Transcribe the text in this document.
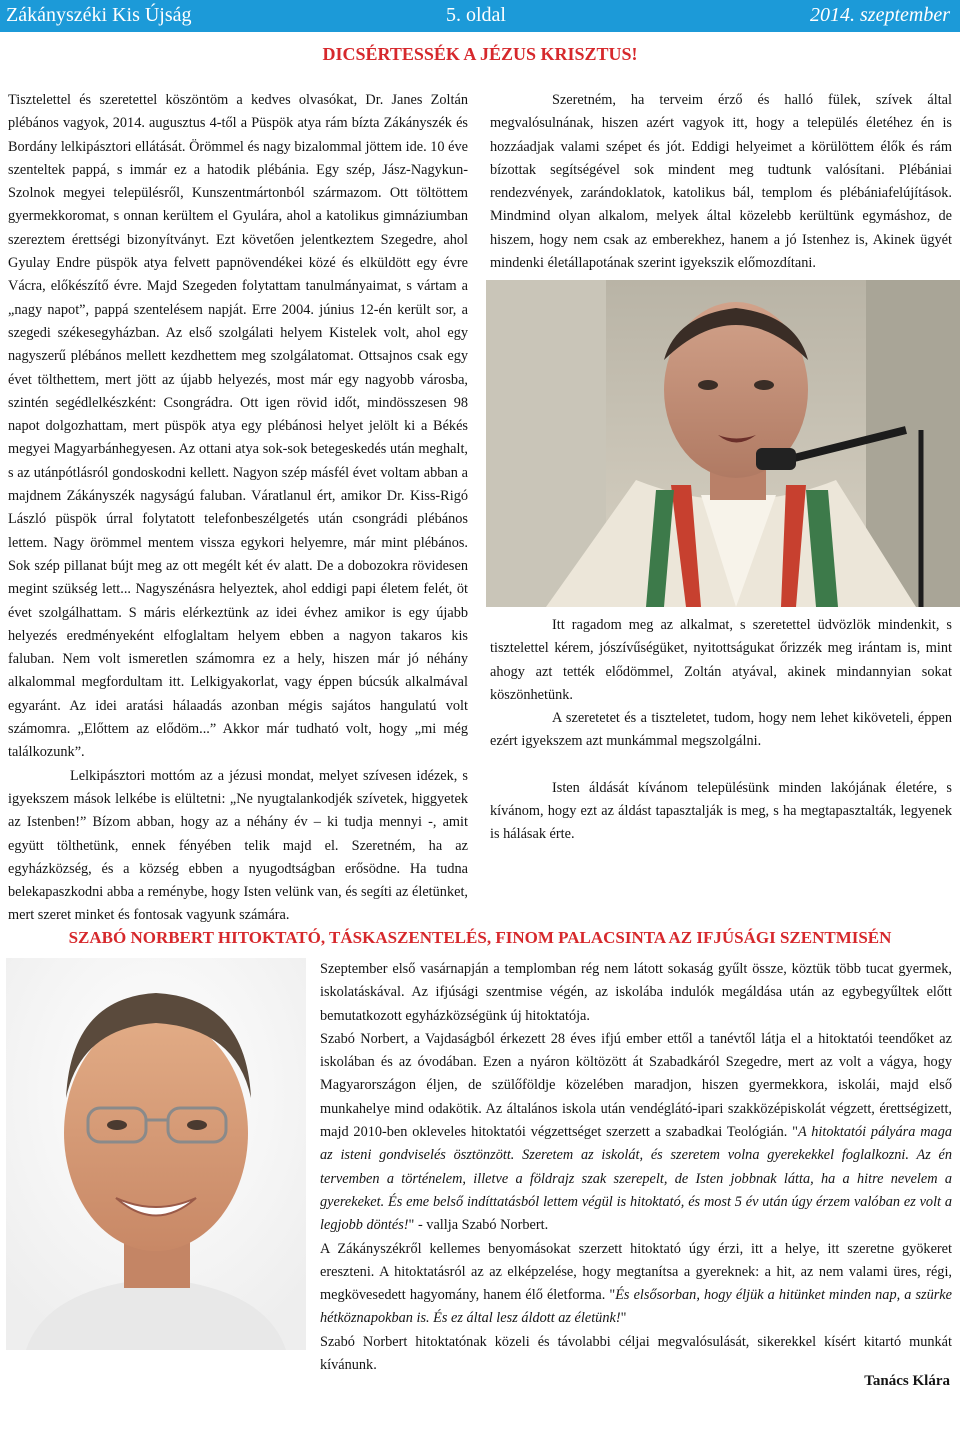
Zákányszéki Kis Újság	5. oldal	2014. szeptember
DICSÉRTESSÉK A JÉZUS KRISZTUS!

Tisztelettel és szeretettel köszöntöm a kedves olvasókat, Dr. Janes Zoltán plébános vagyok, 2014. augusztus 4-től a Püspök atya rám bízta Zákányszék és Bordány lelkipásztori ellátását. Örömmel és nagy bizalommal jöttem ide. 10 éve szenteltek pappá, s immár ez a hatodik plébánia. Egy szép, Jász-Nagykun-Szolnok megyei településről, Kunszentmártonból származom. Ott töltöttem gyermekkoromat, s onnan kerültem el Gyulára, ahol a katolikus gimnáziumban szereztem érettségi bizonyítványt. Ezt követően jelentkeztem Szegedre, ahol Gyulay Endre püspök atya felvett papnövendékei közé és elküldött egy évre Vácra, előkészítő évre. Majd Szegeden folytattam tanulmányaimat, s vártam a „nagy napot”, pappá szentelésem napját. Erre 2004. június 12-én került sor, a szegedi székesegyházban. Az első szolgálati helyem Kistelek volt, ahol egy nagyszerű plébános mellett kezdhettem meg szolgálatomat. Ottsajnos csak egy évet tölthettem, mert jött az újabb helyezés, most már egy nagyobb városba, szintén segédlelkészként: Csongrádra. Ott igen rövid időt, mindösszesen 98 napot dolgozhattam, mert püspök atya egy plébánosi helyet jelölt ki a Békés megyei Magyarbánhegyesen. Az ottani atya sok-sok betegeskedés után meghalt, s az utánpótlásról gondoskodni kellett. Nagyon szép másfél évet voltam abban a majdnem Zákányszék nagyságú faluban. Váratlanul ért, amikor Dr. Kiss-Rigó László püspök úrral folytatott telefonbeszélgetés után csongrádi plébános lettem. Nagy örömmel mentem vissza egykori helyemre, már mint plébános. Sok szép pillanat bújt meg az ott megélt két év alatt. De a dobozokra rövidesen megint szükség lett... Nagyszénásra helyeztek, ahol eddigi papi életem felét, öt évet szolgálhattam. S máris elérkeztünk az idei évhez amikor is egy újabb helyezés eredményeként elfoglaltam helyem ebben a nagyon takaros kis faluban. Nem volt ismeretlen számomra ez a hely, hiszen már jó néhány alkalommal megfordultam itt. Lelkigyakorlat, vagy éppen búcsúk alkalmával egyaránt. Az idei aratási hálaadás azonban mégis sajátos hangulatú volt számomra. „Előttem az elődöm...” Akkor már tudható volt, hogy „mi még találkozunk”.

Lelkipásztori mottóm az a jézusi mondat, melyet szívesen idézek, s igyekszem mások lelkébe is elültetni: „Ne nyugtalankodjék szívetek, higgyetek az Istenben!” Bízom abban, hogy az a néhány év – ki tudja mennyi -, amit együtt tölthetünk, ennek fényében telik majd el. Szeretném, ha az egyházközség, és a község ebben a nyugodtságban erősödne. Ha tudna belekapaszkodni abba a reménybe, hogy Isten velünk van, és segíti az életünket, mert szeret minket és fontosak vagyunk számára.

Szeretném, ha terveim érző és halló fülek, szívek által megvalósulnának, hiszen azért vagyok itt, hogy a település életéhez én is hozzáadjak valami szépet és jót. Eddigi helyeimet a körülöttem élők és rám bízottak segítségével sok mindent meg tudtunk valósítani. Plébániai rendezvények, zarándoklatok, katolikus bál, templom és plébániafelújítások. Mindmind olyan alkalom, melyek által közelebb kerültünk egymáshoz, de hiszem, hogy nem csak az emberekhez, hanem a jó Istenhez is, Akinek ügyét mindenki életállapotának szerint igyekszik előmozdítani.

Itt ragadom meg az alkalmat, s szeretettel üdvözlök mindenkit, s tisztelettel kérem, jószívűségüket, nyitottságukat őrizzék meg irántam is, mint ahogy azt tették elődömmel, Zoltán atyával, akinek mindannyian sokat köszönhetünk.

A szeretetet és a tiszteletet, tudom, hogy nem lehet kiköveteli, éppen ezért igyekszem azt munkámmal megszolgálni.

Isten áldását kívánom településünk minden lakójának életére, s kívánom, hogy ezt az áldást tapasztalják is meg, s ha megtapasztalták, legyenek is hálásak érte.

SZABÓ NORBERT HITOKTATÓ, TÁSKASZENTELÉS, FINOM PALACSINTA AZ IFJÚSÁGI SZENTMISÉN

Szeptember első vasárnapján a templomban rég nem látott sokaság gyűlt össze, köztük több tucat gyermek, iskolatáskával. Az ifjúsági szentmise végén, az iskolába indulók megáldása után az egybegyűltek előtt bemutatkozott egyházközségünk új hitoktatója.

Szabó Norbert, a Vajdaságból érkezett 28 éves ifjú ember ettől a tanévtől látja el a hitoktatói teendőket az iskolában és az óvodában. Ezen a nyáron költözött át Szabadkáról Szegedre, mert az volt a vágya, hogy Magyarországon éljen, de szülőföldje közelében maradjon, hiszen gyermekkora, iskolái, majd első munkahelye mind odakötik. Az általános iskola után vendéglátó-ipari szakközépiskolát végzett, érettségizett, majd 2010-ben okleveles hitoktatói végzettséget szerzett a szabadkai Teológián. "A hitoktatói pályára maga az isteni gondviselés ösztönzött. Szeretem az iskolát, és szeretem volna gyerekekkel foglalkozni. Az én tervemben a történelem, illetve a földrajz szak szerepelt, de Isten jobbnak látta, ha a hitre nevelem a gyerekeket. És eme belső indíttatásból lettem végül is hitoktató, és most 5 év után úgy érzem valóban ez volt a legjobb döntés!" - vallja Szabó Norbert.

A Zákányszékről kellemes benyomásokat szerzett hitoktató úgy érzi, itt a helye, itt szeretne gyökeret ereszteni. A hitoktatásról az az elképzelése, hogy megtanítsa a gyereknek: a hit, az nem valami üres, régi, megkövesedett hagyomány, hanem élő életforma. "És elsősorban, hogy éljük a hitünket minden nap, a szürke hétköznapokban is. És ez által lesz áldott az életünk!"

Szabó Norbert hitoktatónak közeli és távolabbi céljai megvalósulását, sikerekkel kísért kitartó munkát kívánunk.

Tanács Klára
